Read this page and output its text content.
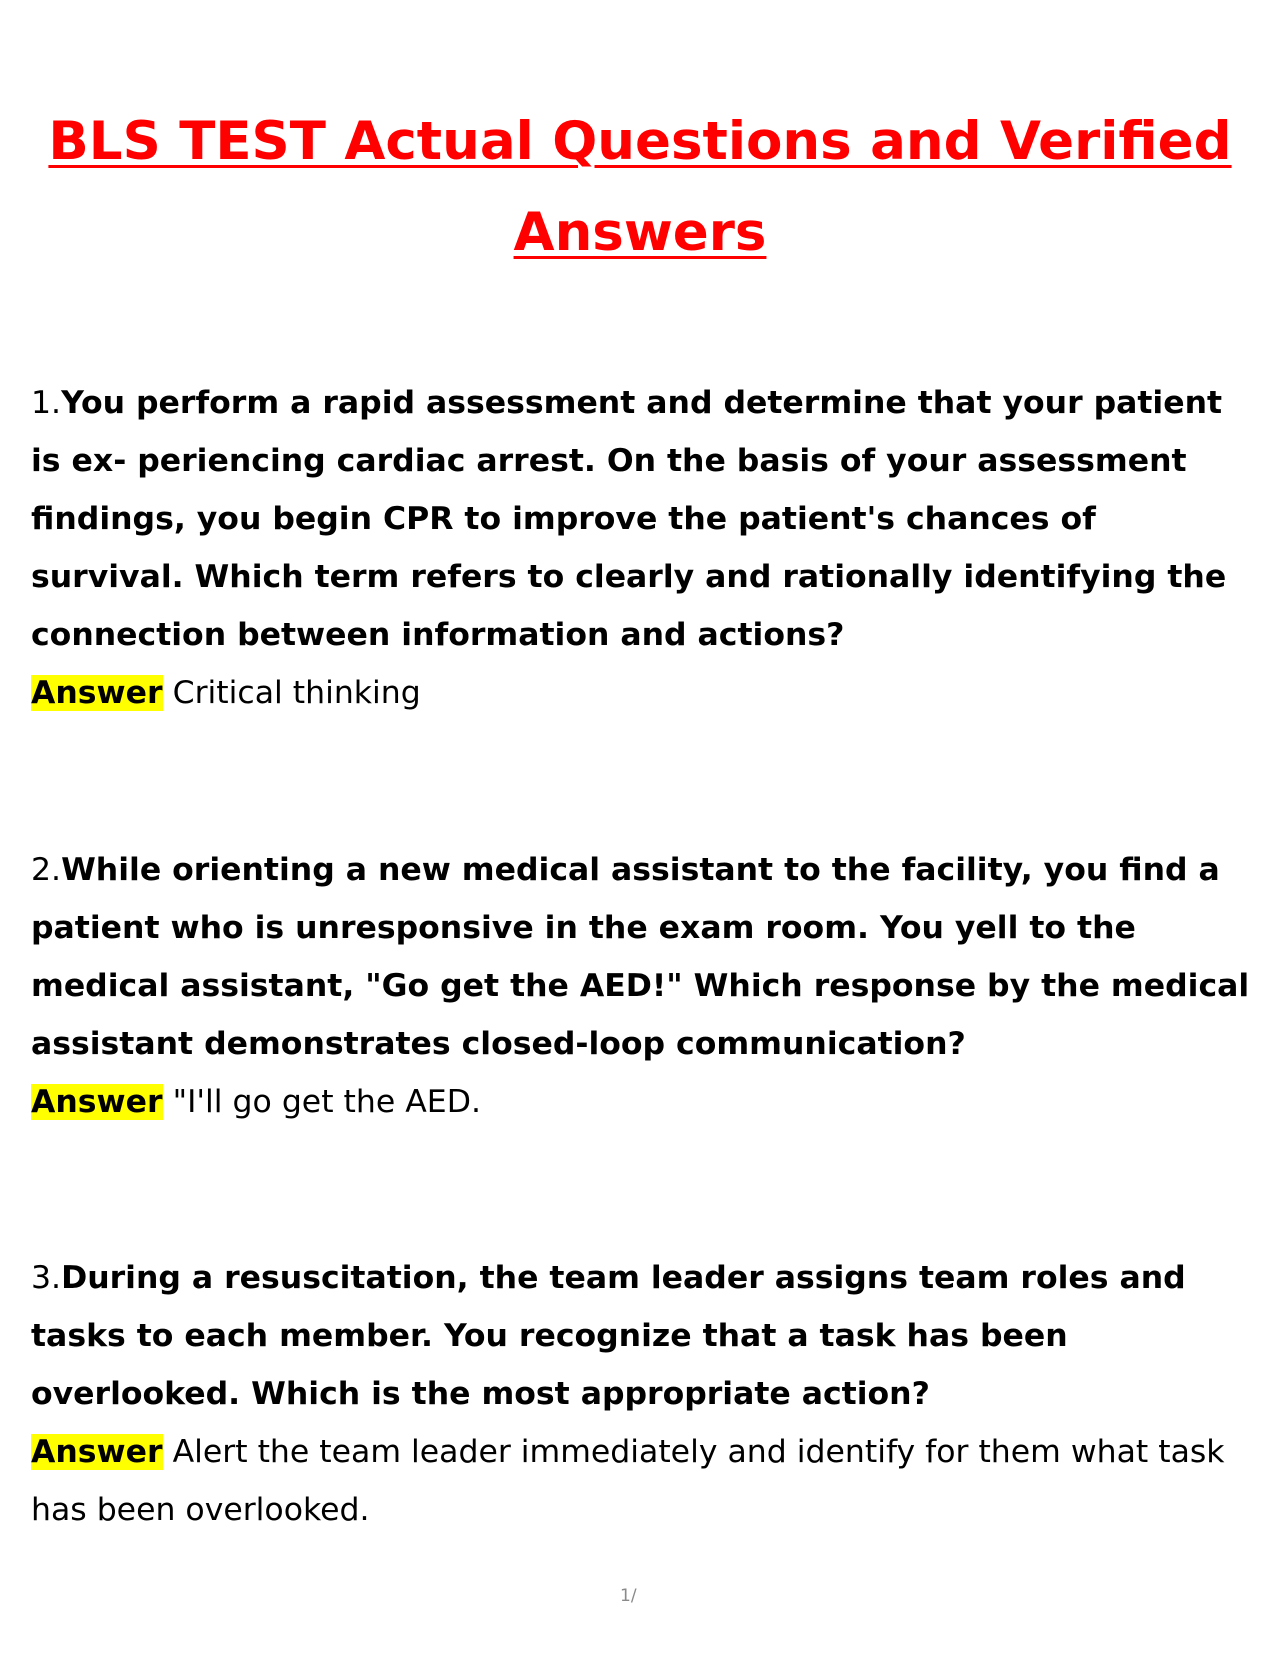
BLS TEST Actual Questions and Verified Answers
1.You perform a rapid assessment and determine that your patient is ex- periencing cardiac arrest. On the basis of your assessment findings, you begin CPR to improve the patient's chances of survival. Which term refers to clearly and rationally identifying the connection between information and actions?
Answer Critical thinking
2.While orienting a new medical assistant to the facility, you find a patient who is unresponsive in the exam room. You yell to the medical assistant, "Go get the AED!" Which response by the medical assistant demonstrates closed-loop communication?
Answer "I'll go get the AED.
3.During a resuscitation, the team leader assigns team roles and tasks to each member. You recognize that a task has been overlooked. Which is the most appropriate action?
Answer Alert the team leader immediately and identify for them what task has been overlooked.
1/
